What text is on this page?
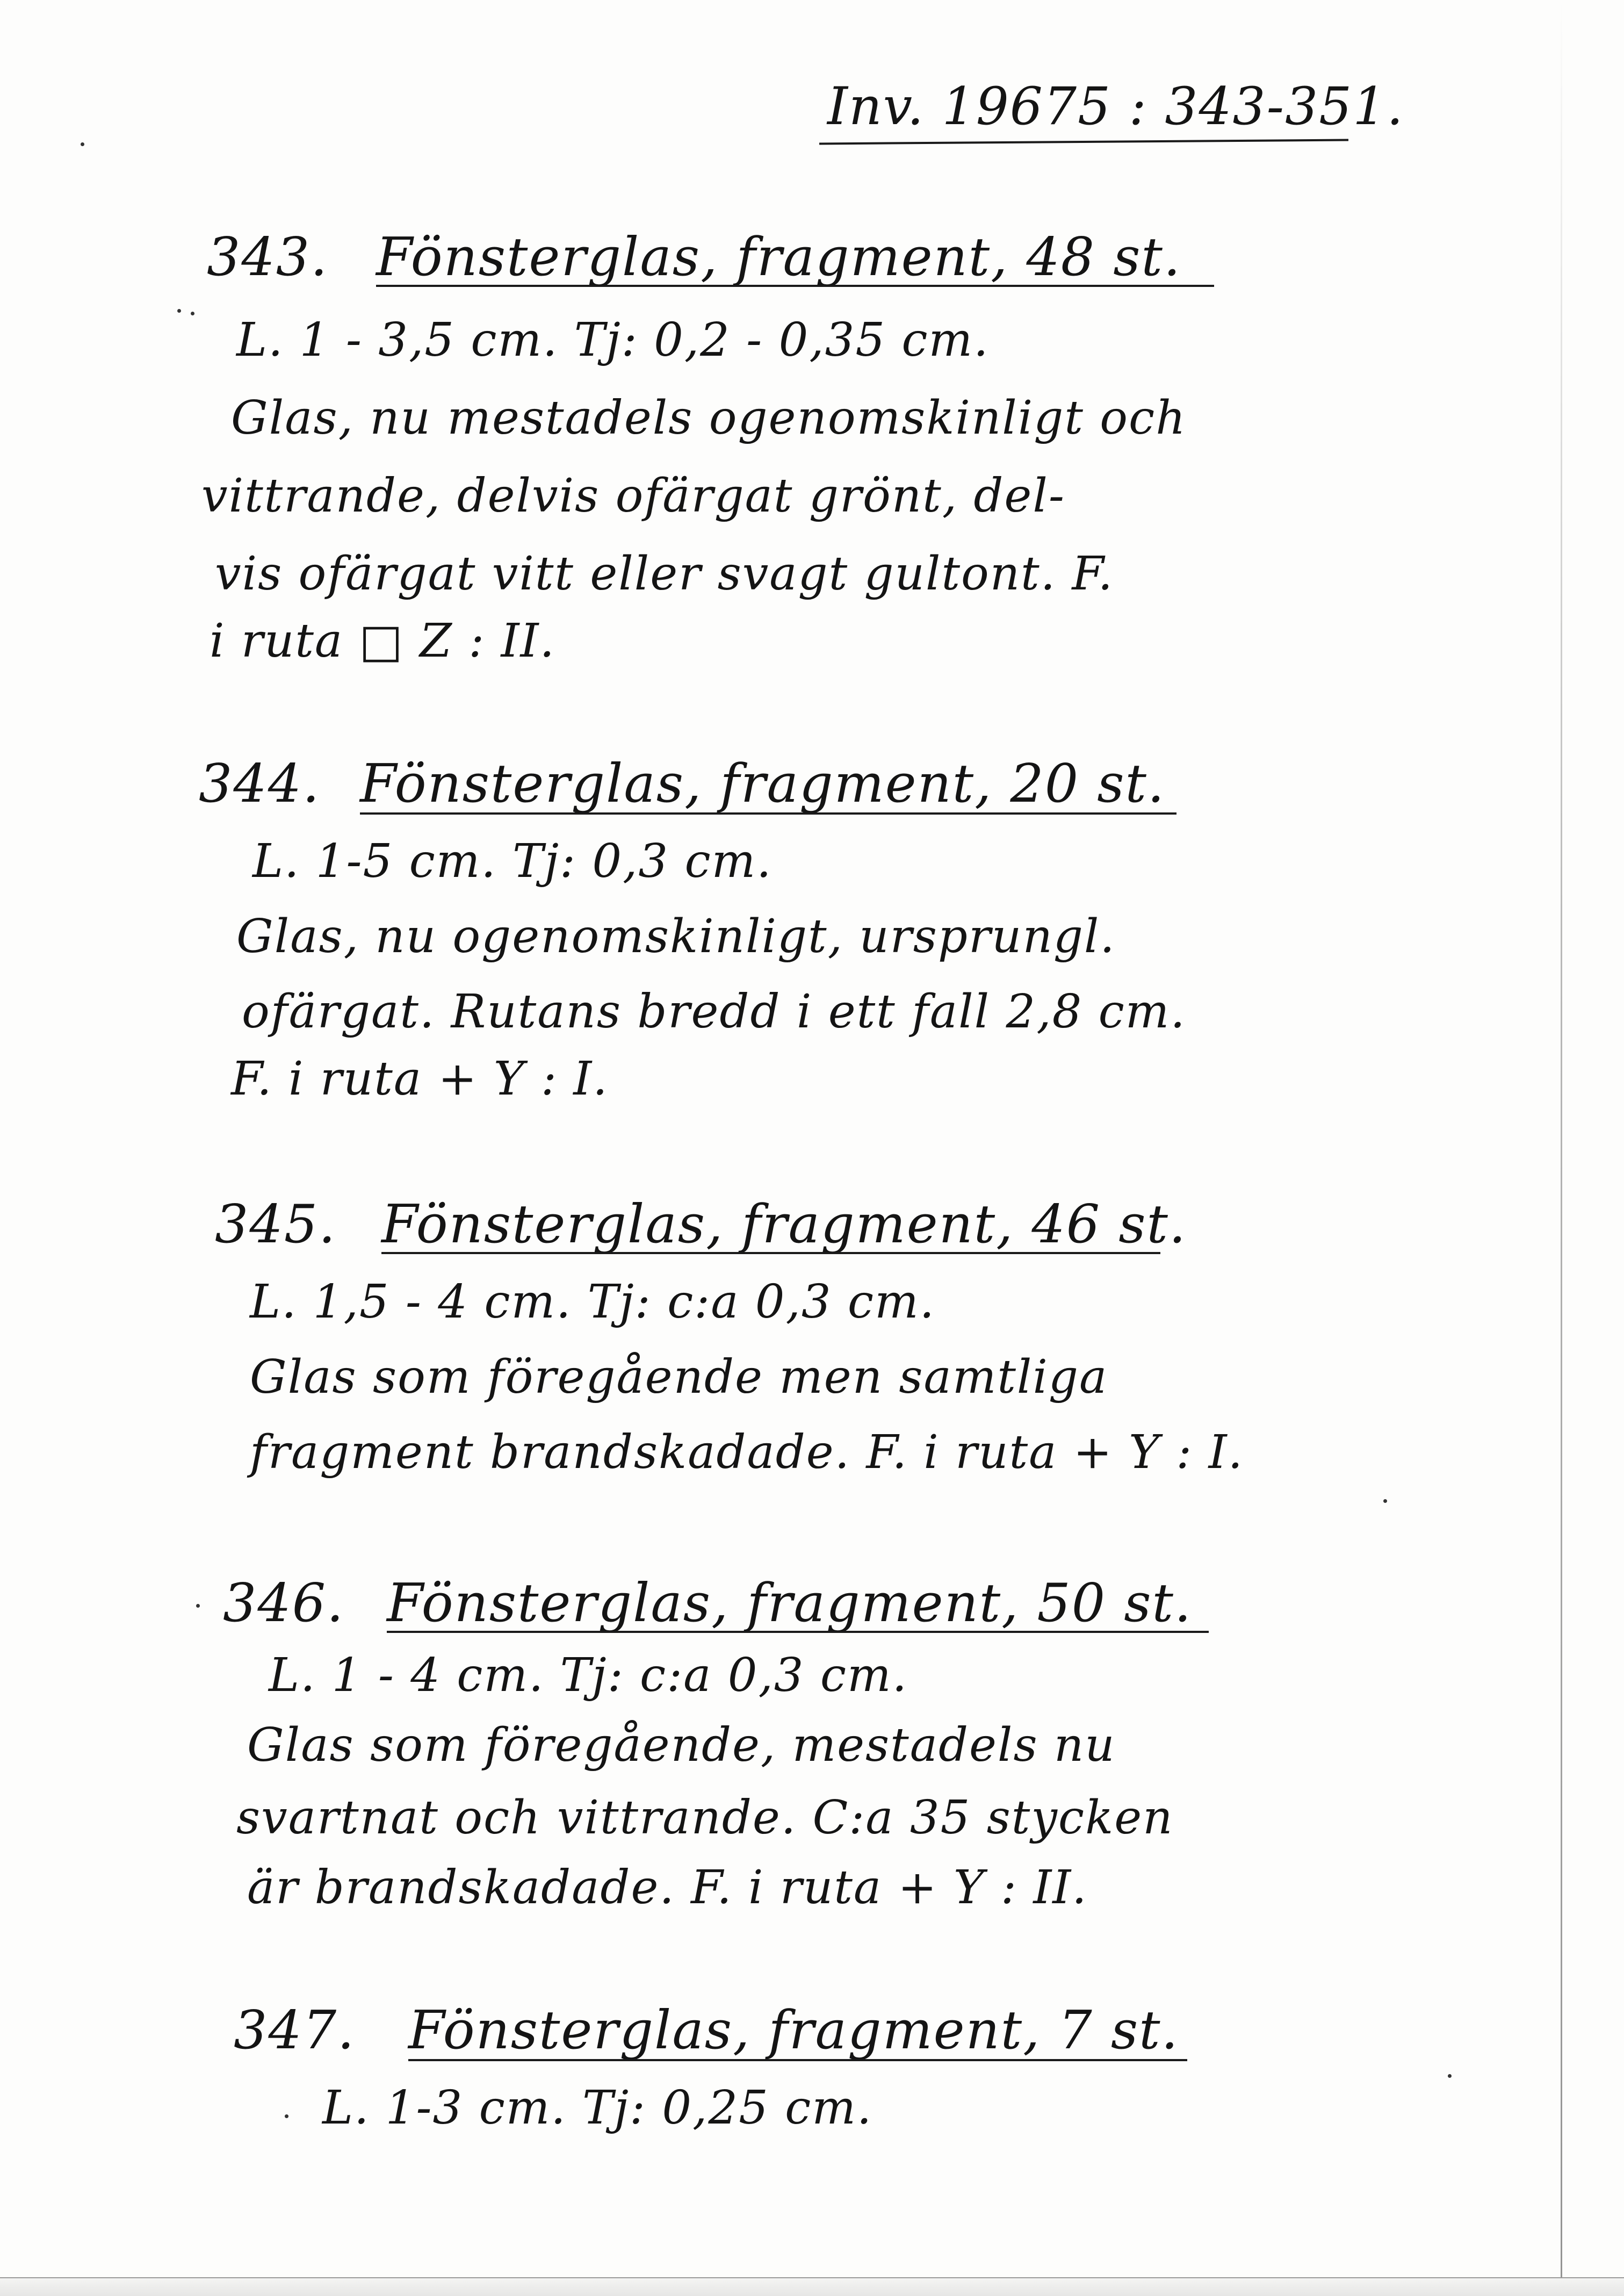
Inv. 19675 : 343-351.
343. Fönsterglas, fragment, 48 st.
L. 1 - 3,5 cm. Tj: 0,2 - 0,35 cm.
Glas, nu mestadels ogenomskinligt och
vittrande, delvis ofärgat grönt, del-
vis ofärgat vitt eller svagt gultont. F.
i ruta □ Z : II.
344. Fönsterglas, fragment, 20 st.
L. 1-5 cm. Tj: 0,3 cm.
Glas, nu ogenomskinligt, ursprungl.
ofärgat. Rutans bredd i ett fall 2,8 cm.
F. i ruta + Y : I.
345. Fönsterglas, fragment, 46 st.
L. 1,5 - 4 cm. Tj: c:a 0,3 cm.
Glas som föregående men samtliga
fragment brandskadade. F. i ruta + Y : I.
346. Fönsterglas, fragment, 50 st.
L. 1 - 4 cm. Tj: c:a 0,3 cm.
Glas som föregående, mestadels nu
svartnat och vittrande. C:a 35 stycken
är brandskadade. F. i ruta + Y : II.
347. Fönsterglas, fragment, 7 st.
L. 1-3 cm. Tj: 0,25 cm.
